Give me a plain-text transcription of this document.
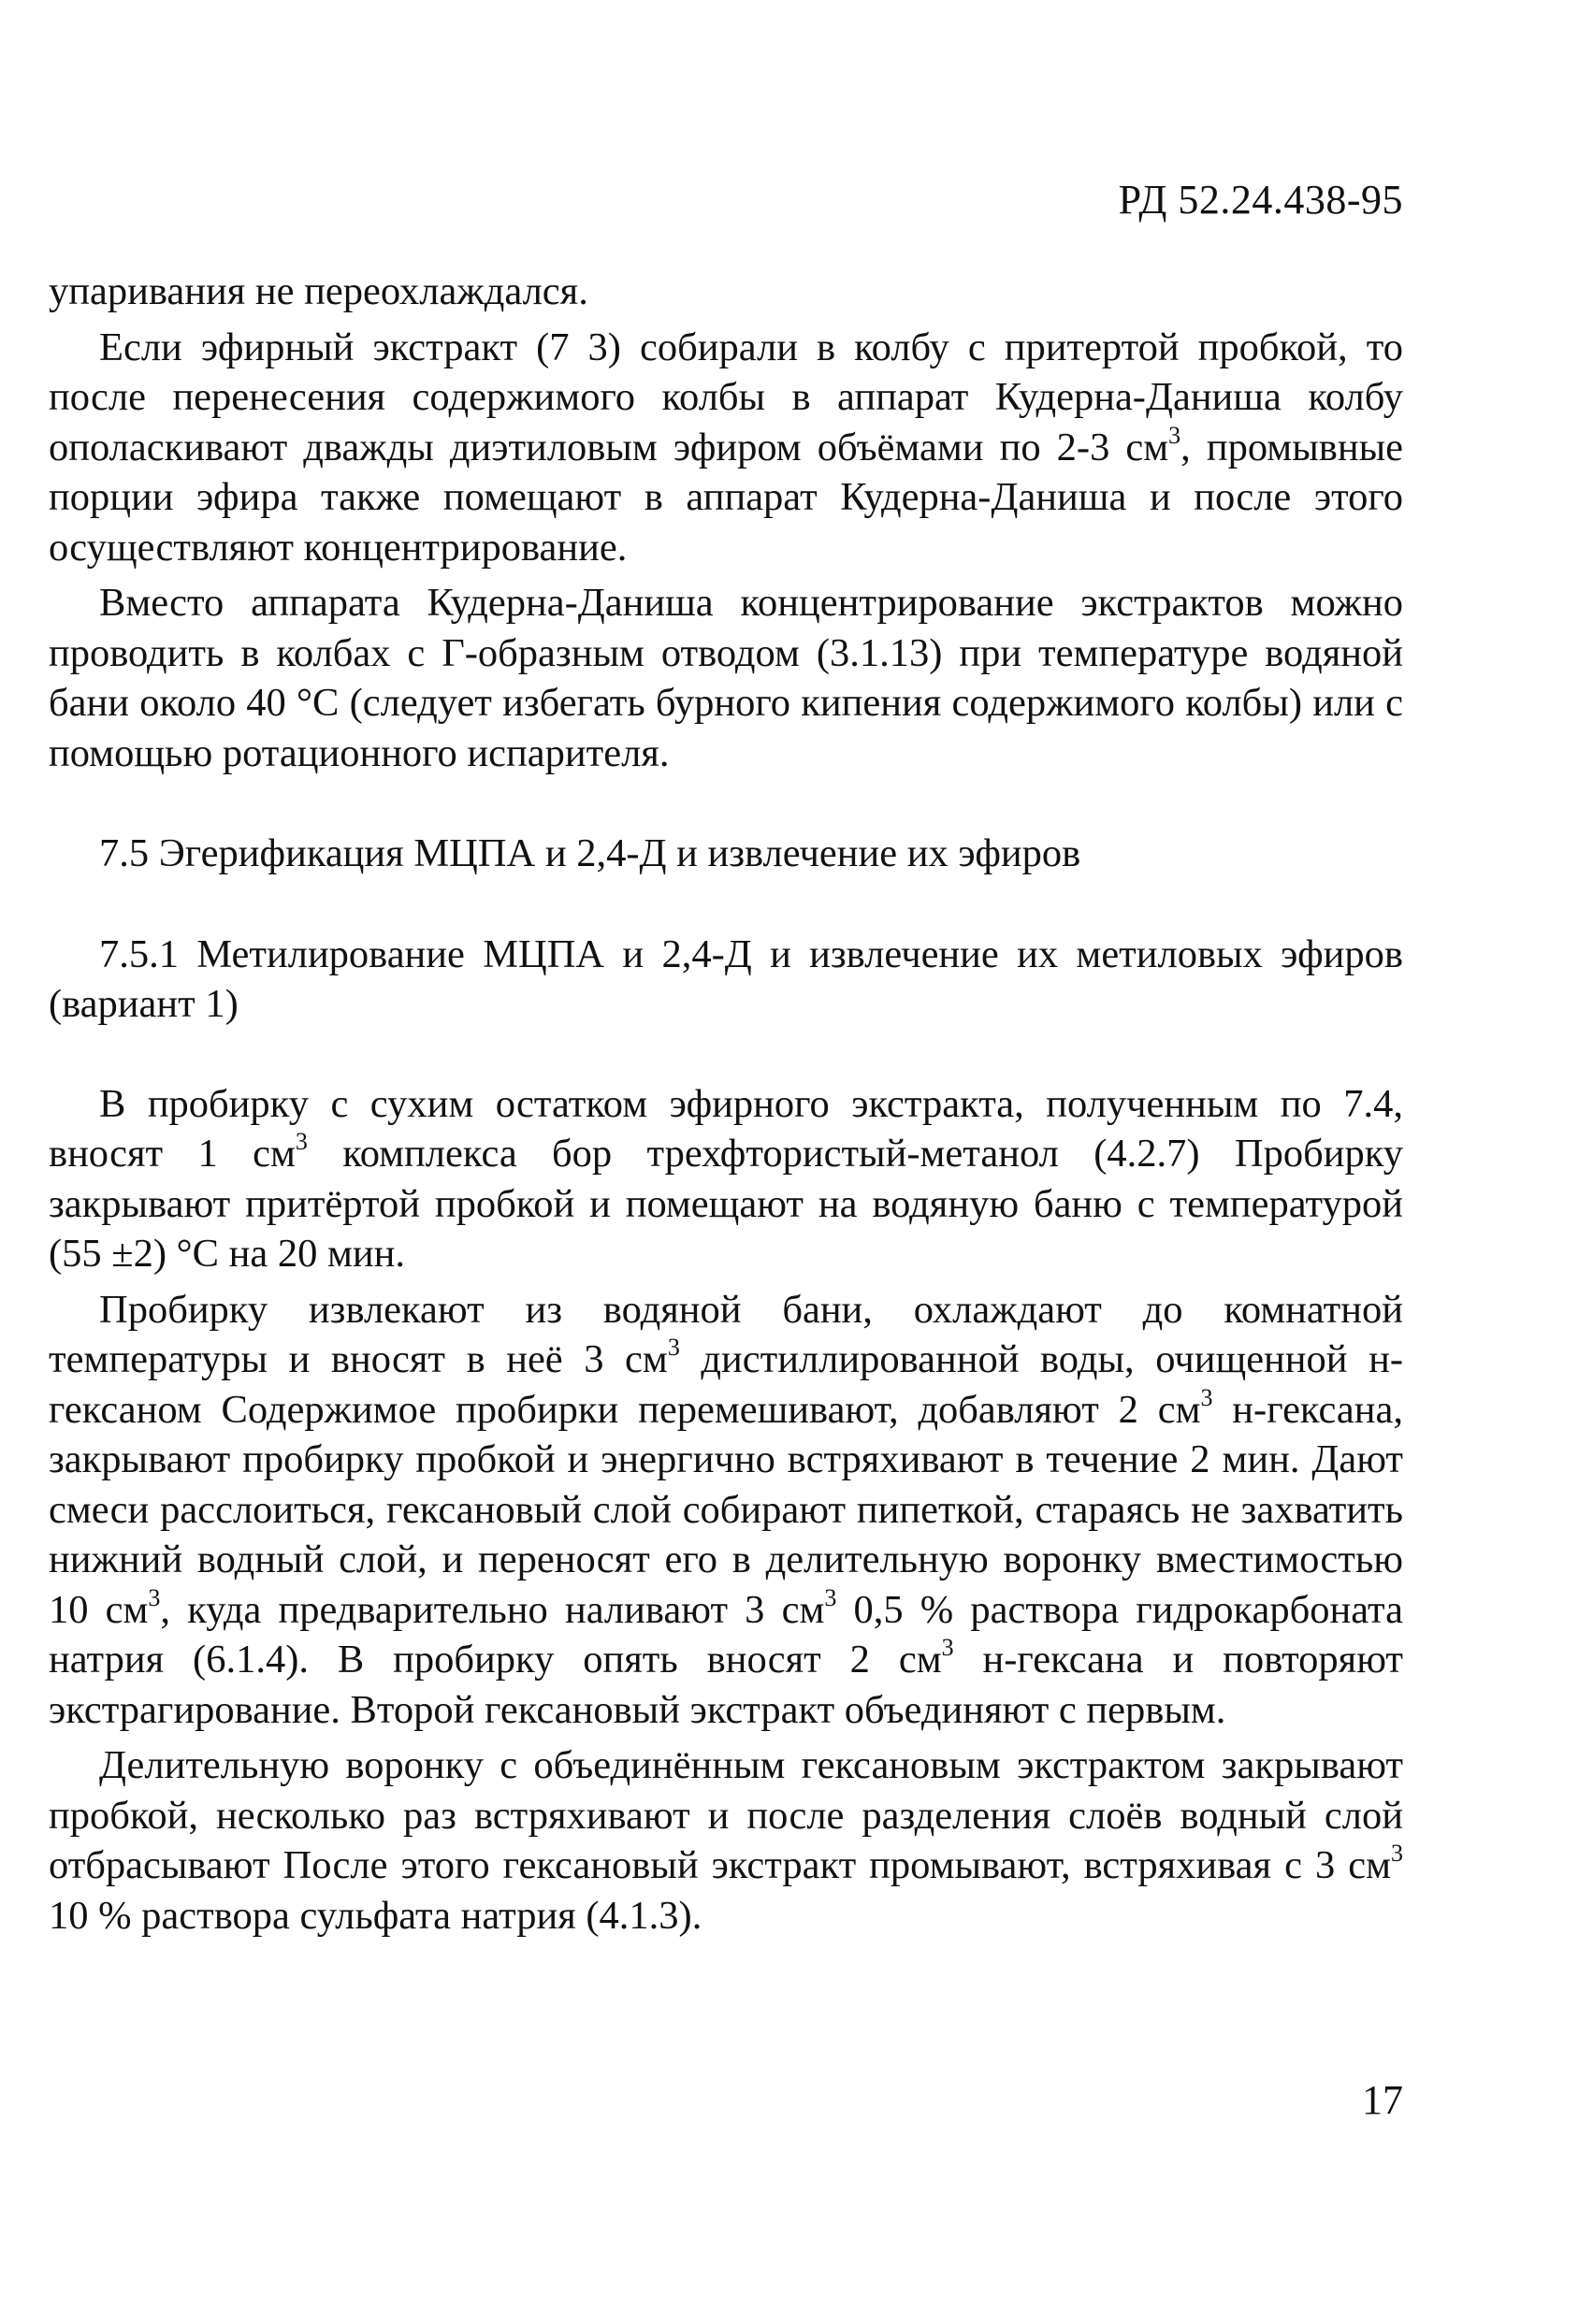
РД 52.24.438-95

упаривания не переохлаждался.

Если эфирный экстракт (7 3) собирали в колбу с притертой пробкой, то после перенесения содержимого колбы в аппарат Кудерна-Даниша колбу ополаскивают дважды диэтиловым эфиром объёмами по 2-3 $см^3$, промывные порции эфира также помещают в аппарат Кудерна-Даниша и после этого осуществляют концентрирование.

Вместо аппарата Кудерна-Даниша концентрирование экстрактов можно проводить в колбах с Г-образным отводом (3.1.13) при температуре водяной бани около 40 °С (следует избегать бурного кипения содержимого колбы) или с помощью ротационного испарителя.

7.5 Эгерификация МЦПА и 2,4-Д и извлечение их эфиров
7.5.1 Метилирование МЦПА и 2,4-Д и извлечение их метиловых эфиров (вариант 1)

В пробирку с сухим остатком эфирного экстракта, полученным по 7.4, вносят 1 $см^3$ комплекса бор трехфтористый-метанол (4.2.7) Пробирку закрывают притёртой пробкой и помещают на водяную баню с температурой (55 ±2) °С на 20 мин.

Пробирку извлекают из водяной бани, охлаждают до комнатной температуры и вносят в неё 3 $см^3$ дистиллированной воды, очищенной н-гексаном Содержимое пробирки перемешивают, добавляют 2 $см^3$ н-гексана, закрывают пробирку пробкой и энергично встряхивают в течение 2 мин. Дают смеси расслоиться, гексановый слой собирают пипеткой, стараясь не захватить нижний водный слой, и переносят его в делительную воронку вместимостью 10 $см^3$, куда предварительно наливают 3 $см^3$ 0,5 % раствора гидрокарбоната натрия (6.1.4). В пробирку опять вносят 2 $см^3$ н-гексана и повторяют экстрагирование. Второй гексановый экстракт объединяют с первым.

Делительную воронку с объединённым гексановым экстрактом закрывают пробкой, несколько раз встряхивают и после разделения слоёв водный слой отбрасывают После этого гексановый экстракт промывают, встряхивая с 3 $см^3$ 10 % раствора сульфата натрия (4.1.3).

17
